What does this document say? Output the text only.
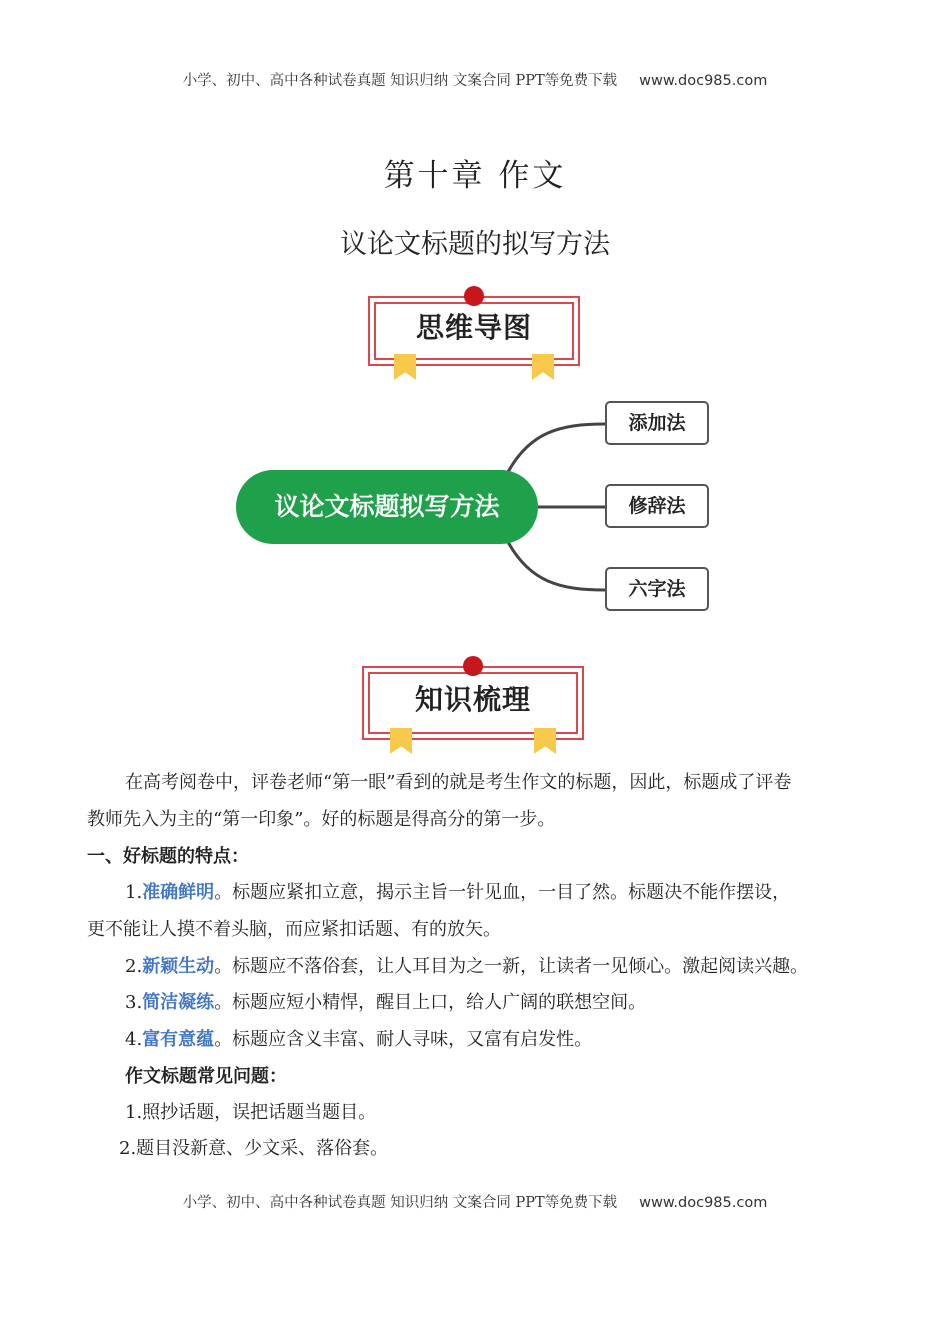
小学、初中、高中各种试卷真题 知识归纳 文案合同 PPT等免费下载 www.doc985.com
第十章 作文
议论文标题的拟写方法
思维导图
议论文标题拟写方法
添加法
修辞法
六字法
知识梳理
在高考阅卷中，评卷老师“第一眼”看到的就是考生作文的标题，因此，标题成了评卷
教师先入为主的“第一印象”。好的标题是得高分的第一步。
一、好标题的特点：
1.准确鲜明。标题应紧扣立意，揭示主旨一针见血，一目了然。标题决不能作摆设，
更不能让人摸不着头脑，而应紧扣话题、有的放矢。
2.新颖生动。标题应不落俗套，让人耳目为之一新，让读者一见倾心。激起阅读兴趣。
3.简洁凝练。标题应短小精悍，醒目上口，给人广阔的联想空间。
4.富有意蕴。标题应含义丰富、耐人寻味，又富有启发性。
作文标题常见问题：
1.照抄话题，误把话题当题目。
2.题目没新意、少文采、落俗套。
小学、初中、高中各种试卷真题 知识归纳 文案合同 PPT等免费下载 www.doc985.com
